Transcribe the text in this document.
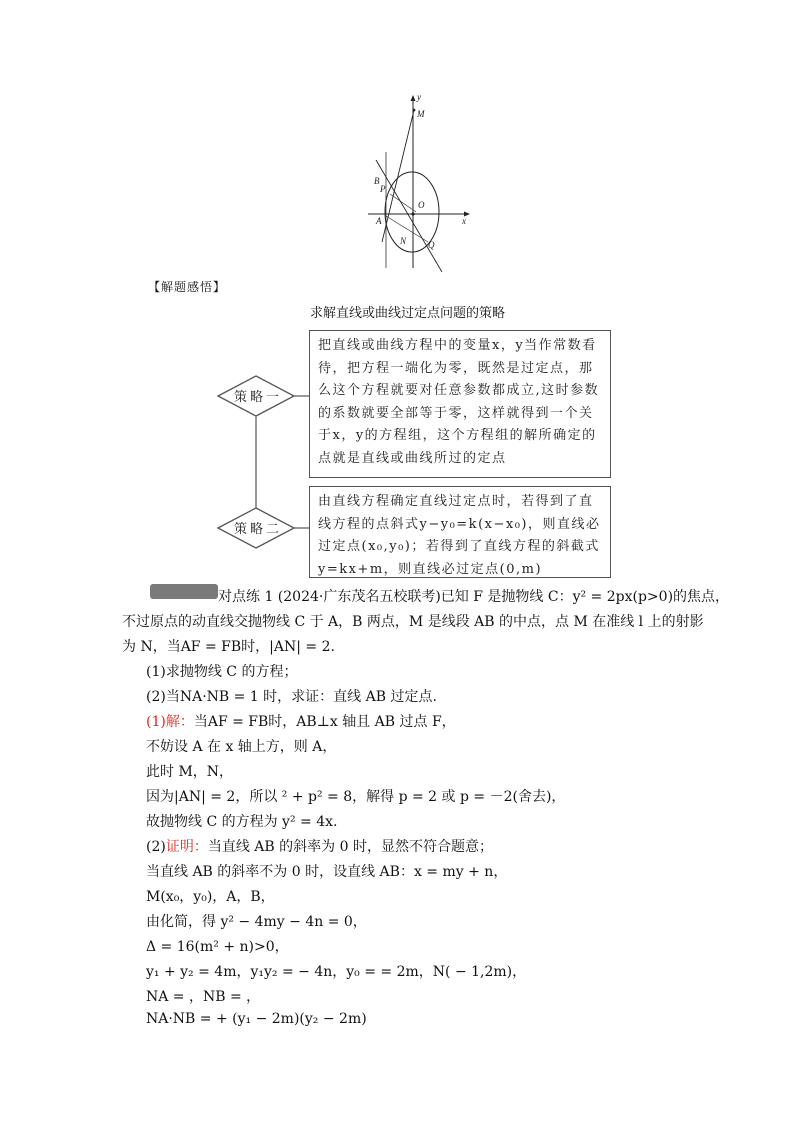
y
M
B
P
O
x
A
N Q
【解题感悟】
求解直线或曲线过定点问题的策略
策略一
策略二
把直线或曲线方程中的变量x，y当作常数看待，把方程一端化为零，既然是过定点，那么这个方程就要对任意参数都成立,这时参数的系数就要全部等于零，这样就得到一个关于x，y的方程组，这个方程组的解所确定的点就是直线或曲线所过的定点
由直线方程确定直线过定点时，若得到了直线方程的点斜式y−y₀=k(x−x₀)，则直线必过定点(x₀,y₀)；若得到了直线方程的斜截式y=kx+m，则直线必过定点(0,m)
对点练 1 (2024·广东茂名五校联考)已知 F 是抛物线 C：y² = 2px(p>0)的焦点，
不过原点的动直线交抛物线 C 于 A，B 两点，M 是线段 AB 的中点，点 M 在准线 l 上的射影
为 N，当AF = FB时，|AN| = 2.
(1)求抛物线 C 的方程；
(2)当NA·NB = 1 时，求证：直线 AB 过定点.
(1)解：当AF = FB时，AB⊥x 轴且 AB 过点 F，
不妨设 A 在 x 轴上方，则 A，
此时 M，N，
因为|AN| = 2，所以 ² + p² = 8，解得 p = 2 或 p = －2(舍去)，
故抛物线 C 的方程为 y² = 4x.
(2)证明：当直线 AB 的斜率为 0 时，显然不符合题意；
当直线 AB 的斜率不为 0 时，设直线 AB：x = my + n，
M(x₀，y₀)，A，B，
由化简，得 y² − 4my − 4n = 0，
Δ = 16(m² + n)>0，
y₁ + y₂ = 4m，y₁y₂ = − 4n，y₀ = = 2m，N( − 1,2m)，
NA = ，NB = ，
NA·NB = + (y₁ − 2m)(y₂ − 2m)
